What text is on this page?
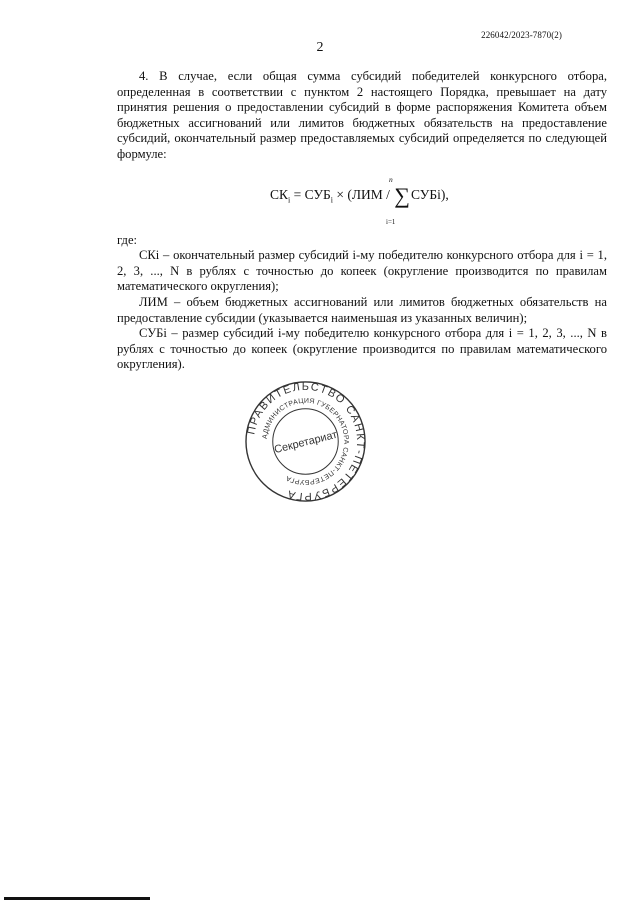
226042/2023-7870(2)
2

4. В случае, если общая сумма субсидий победителей конкурсного отбора, определенная в соответствии с пунктом 2 настоящего Порядка, превышает на дату принятия решения о предоставлении субсидий в форме распоряжения Комитета объем бюджетных ассигнований или лимитов бюджетных обязательств на предоставление субсидий, окончательный размер предоставляемых субсидий определяется по следующей формуле:

$СК_i = СУБ_i \times (ЛИМ$ / ∑СУБi),
n
i=1

где:

СКi – окончательный размер субсидий i-му победителю конкурсного отбора для i = 1, 2, 3, ..., N в рублях с точностью до копеек (округление производится по правилам математического округления);

ЛИМ – объем бюджетных ассигнований или лимитов бюджетных обязательств на предоставление субсидии (указывается наименьшая из указанных величин);

СУБi – размер субсидий i-му победителю конкурсного отбора для i = 1, 2, 3, ..., N в рублях с точностью до копеек (округление производится по правилам математического округления).

ПРАВИТЕЛЬСТВО САНКТ-ПЕТЕРБУРГА
АДМИНИСТРАЦИЯ ГУБЕРНАТОРА САНКТ-ПЕТЕРБУРГА
Секретариат
